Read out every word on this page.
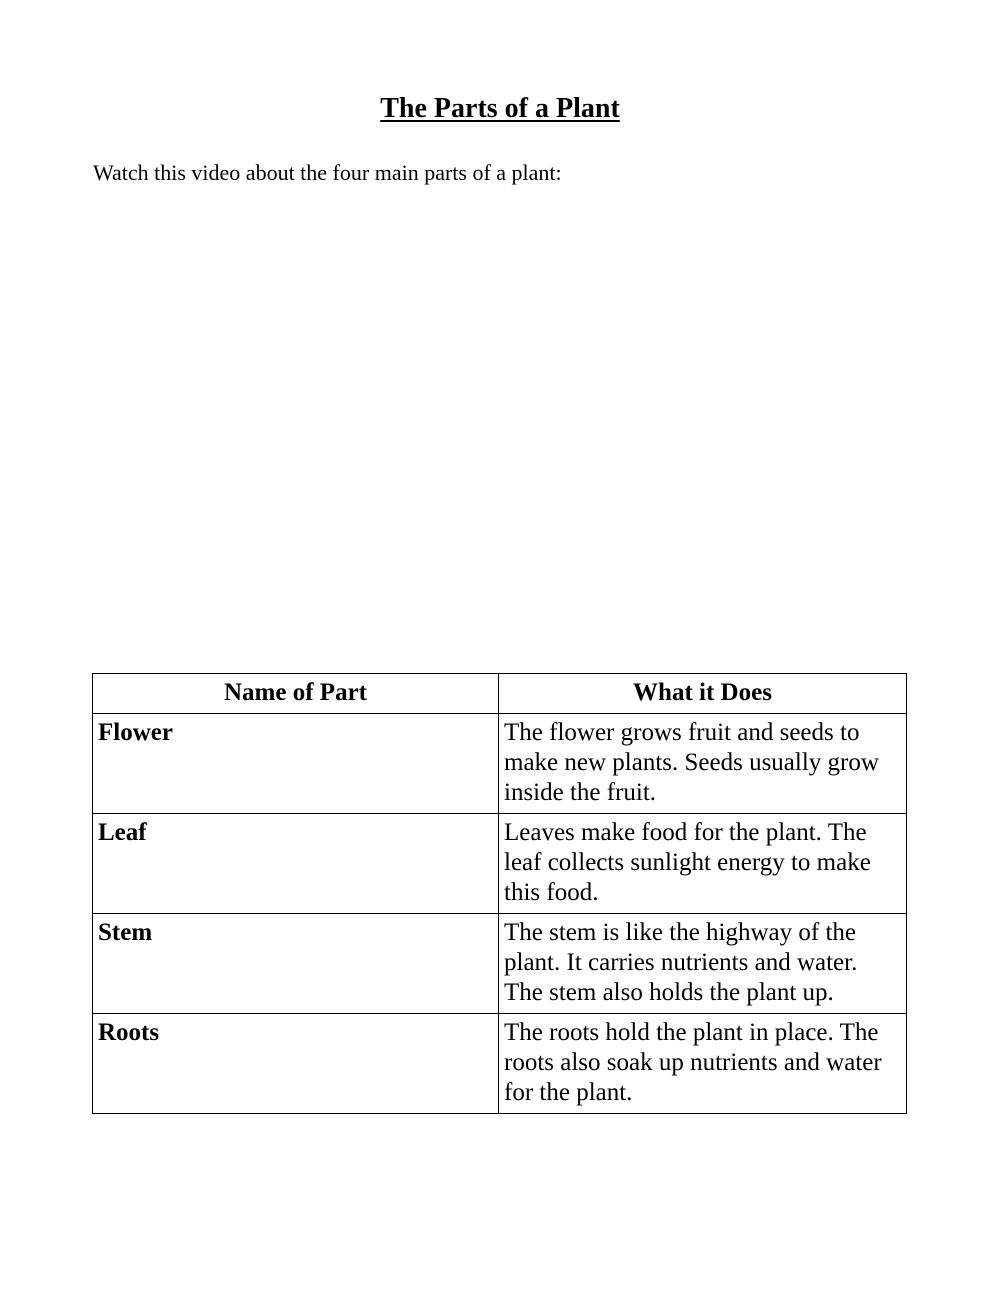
The Parts of a Plant

Watch this video about the four main parts of a plant:

Name of Part	What it Does
Flower	The flower grows fruit and seeds to make new plants. Seeds usually grow inside the fruit.
Leaf	Leaves make food for the plant. The leaf collects sunlight energy to make this food.
Stem	The stem is like the highway of the plant. It carries nutrients and water. The stem also holds the plant up.
Roots	The roots hold the plant in place. The roots also soak up nutrients and water for the plant.
